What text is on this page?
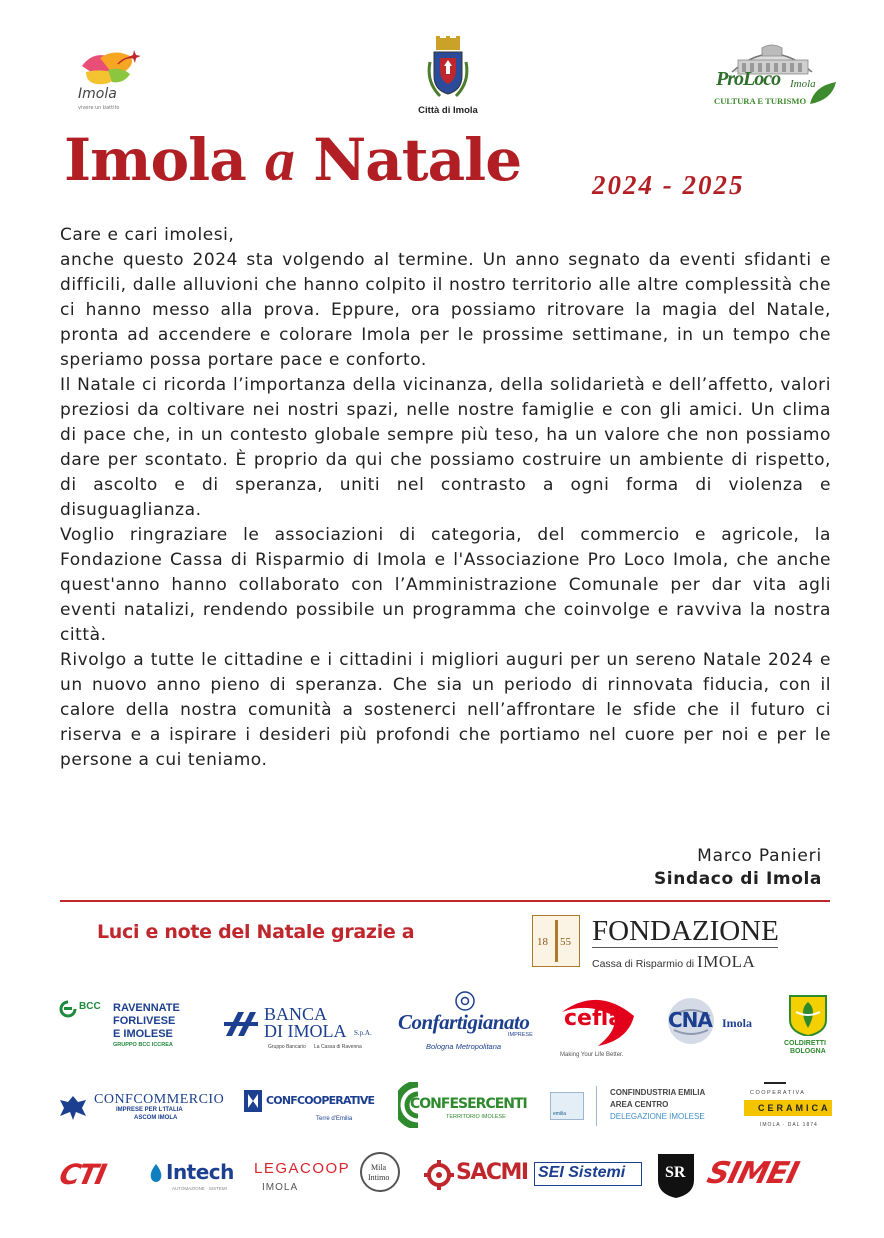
Imola
vivere un battito	Città di Imola
ProLoco Imola
CULTURA E TURISMO
Imola a Natale	2024 - 2025

Care e cari imolesi,

anche questo 2024 sta volgendo al termine. Un anno segnato da eventi sfidanti e difficili, dalle alluvioni che hanno colpito il nostro territorio alle altre complessità che ci hanno messo alla prova. Eppure, ora possiamo ritrovare la magia del Natale, pronta ad accendere e colorare Imola per le prossime settimane, in un tempo che speriamo possa portare pace e conforto.

Il Natale ci ricorda l’importanza della vicinanza, della solidarietà e dell’affetto, valori preziosi da coltivare nei nostri spazi, nelle nostre famiglie e con gli amici. Un clima di pace che, in un contesto globale sempre più teso, ha un valore che non possiamo dare per scontato. È proprio da qui che possiamo costruire un ambiente di rispetto, di ascolto e di speranza, uniti nel contrasto a ogni forma di violenza e disuguaglianza.

Voglio ringraziare le associazioni di categoria, del commercio e agricole, la Fondazione Cassa di Risparmio di Imola e l'Associazione Pro Loco Imola, che anche quest'anno hanno collaborato con l’Amministrazione Comunale per dar vita agli eventi natalizi, rendendo possibile un programma che coinvolge e ravviva la nostra città.

Rivolgo a tutte le cittadine e i cittadini i migliori auguri per un sereno Natale 2024 e un nuovo anno pieno di speranza. Che sia un periodo di rinnovata fiducia, con il calore della nostra comunità a sostenerci nell’affrontare le sfide che il futuro ci riserva e a ispirare i desideri più profondi che portiamo nel cuore per noi e per le persone a cui teniamo.

Marco Panieri
Sindaco di Imola
Luci e note del Natale grazie a	18 55 FONDAZIONE
Cassa di Risparmio di IMOLA
BCC RAVENNATE
FORLIVESE
E IMOLESE
GRUPPO BCC ICCREA
BANCA
DI IMOLA S.p.A.
Gruppo Bancario La Cassa di Ravenna
Confartigianato
IMPRESE
Bologna Metropolitana
cefla
Making Your Life Better.
CNA Imola
COLDIRETTI
BOLOGNA
CONFCOMMERCIO
IMPRESE PER L'ITALIA
ASCOM IMOLA
CONFCOOPERATIVE
Terre d'Emilia
CONFESERCENTI
TERRITORIO IMOLESE	emilia
CONFINDUSTRIA EMILIA
AREA CENTRO
DELEGAZIONE IMOLESE
COOPERATIVA
CERAMICA
IMOLA · DAL 1874
CTI	Intech
AUTOMAZIONE · SISTEMI
LEGACOOP
IMOLA
Mila
Intimo	SACMI SEI Sistemi SR SIMEI
